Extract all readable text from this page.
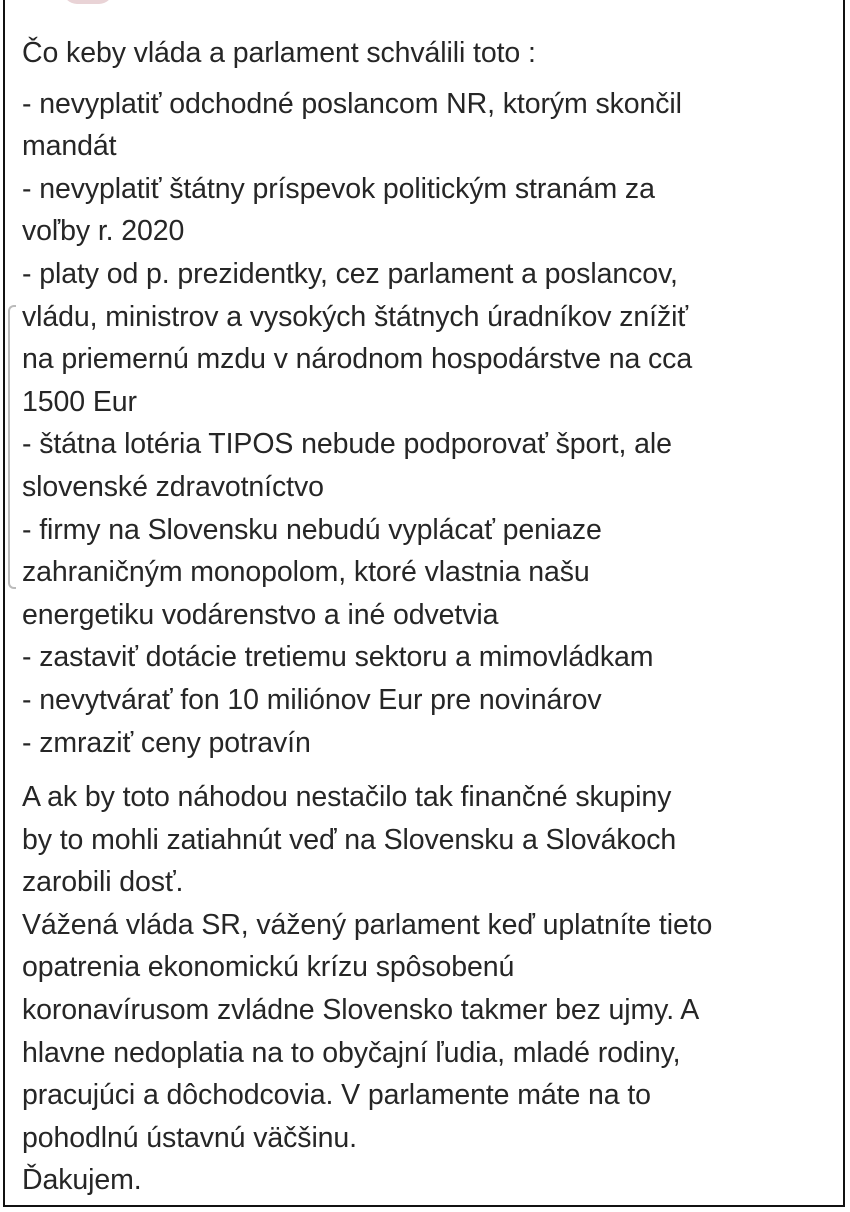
Čo keby vláda a parlament schválili toto :
- nevyplatiť odchodné poslancom NR, ktorým skončil
mandát
- nevyplatiť štátny príspevok politickým stranám za
voľby r. 2020
- platy od p. prezidentky, cez parlament a poslancov,
vládu, ministrov a vysokých štátnych úradníkov znížiť
na priemernú mzdu v národnom hospodárstve na cca
1500 Eur
- štátna lotéria TIPOS nebude podporovať šport, ale
slovenské zdravotníctvo
- firmy na Slovensku nebudú vyplácať peniaze
zahraničným monopolom, ktoré vlastnia našu
energetiku vodárenstvo a iné odvetvia
- zastaviť dotácie tretiemu sektoru a mimovládkam
- nevytvárať fon 10 miliónov Eur pre novinárov
- zmraziť ceny potravín
A ak by toto náhodou nestačilo tak finančné skupiny
by to mohli zatiahnút veď na Slovensku a Slovákoch
zarobili dosť.
Vážená vláda SR, vážený parlament keď uplatníte tieto
opatrenia ekonomickú krízu spôsobenú
koronavírusom zvládne Slovensko takmer bez ujmy. A
hlavne nedoplatia na to obyčajní ľudia, mladé rodiny,
pracujúci a dôchodcovia. V parlamente máte na to
pohodlnú ústavnú väčšinu.
Ďakujem.
